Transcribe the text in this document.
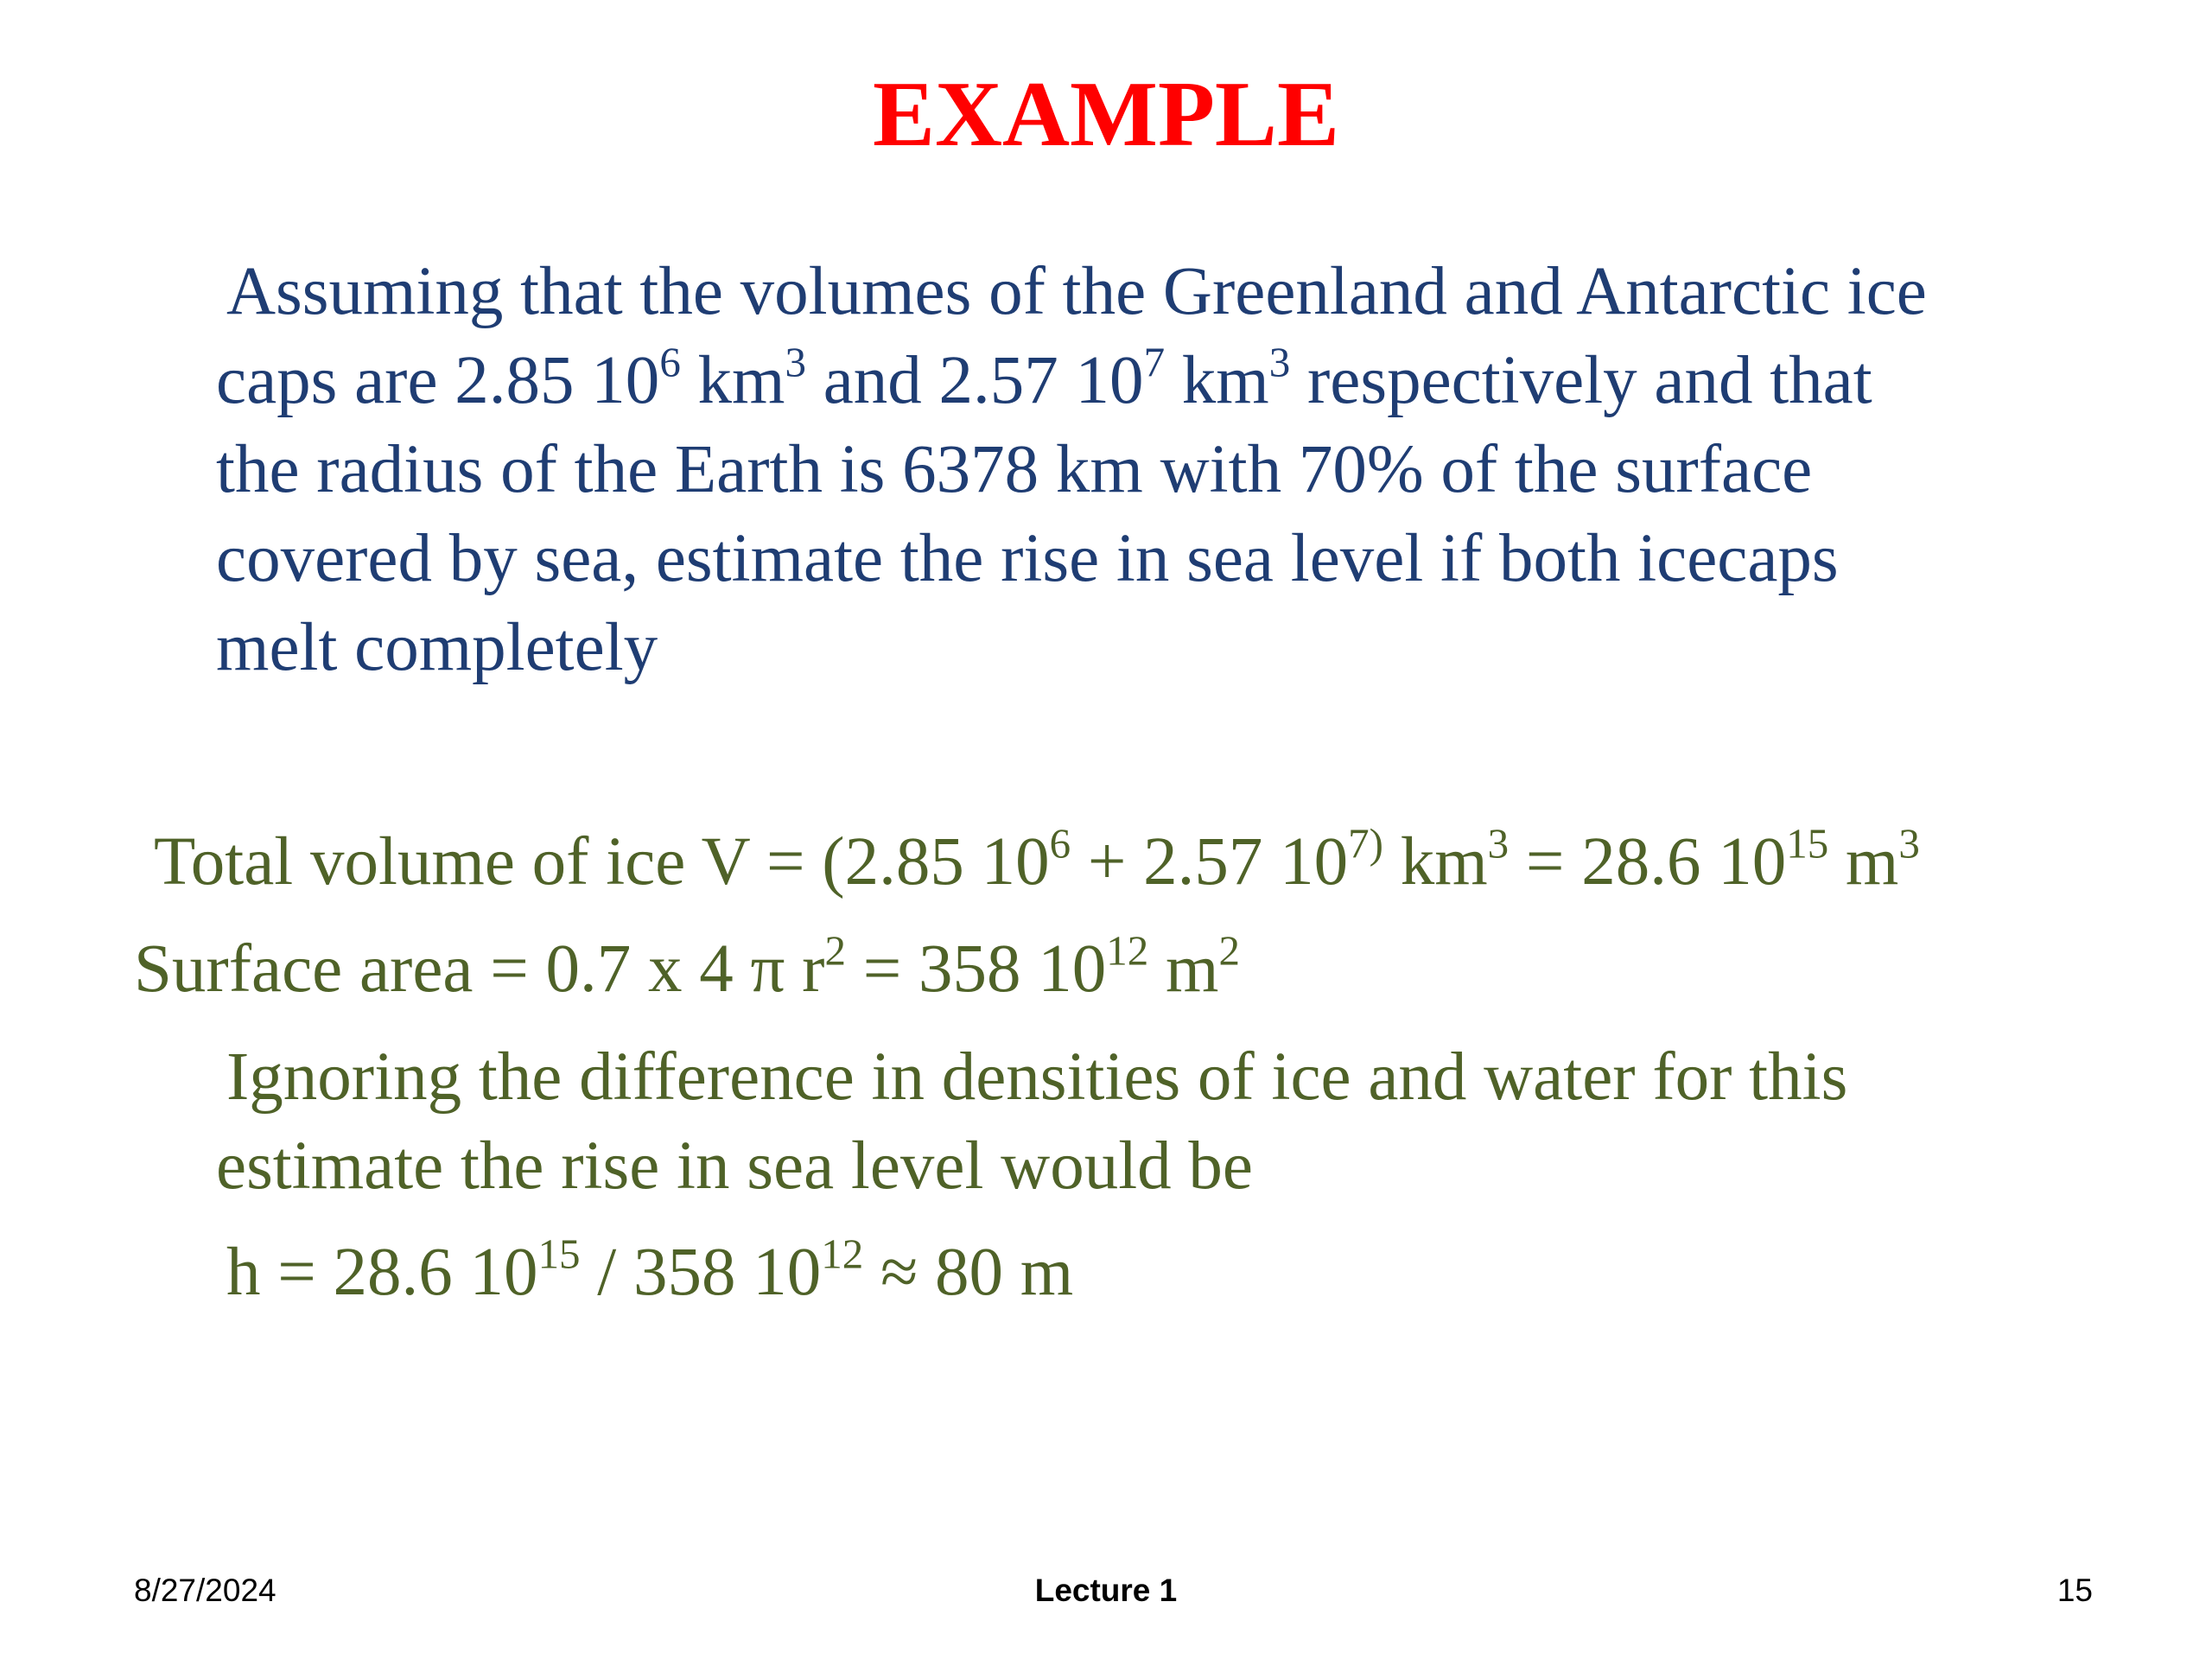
EXAMPLE
Assuming that the volumes of the Greenland and Antarctic ice
caps are 2.85 $10^6$ $km^3$ and 2.57 $10^7$ $km^3$ respectively and that
the radius of the Earth is 6378 km with 70% of the surface
covered by sea, estimate the rise in sea level if both icecaps
melt completely
Total volume of ice V = (2.85 $10^6 + 2.57$ 10$^{7)}$ $km^3 = 28.6$ $10^{15}$ $m^3$
Surface area = 0.7 x 4 π $r^2 = 358$ $10^{12}$ $m^2$
Ignoring the difference in densities of ice and water for this
estimate the rise in sea level would be
h = 28.6 $10^{15} / 358$ $10^{12} \approx 80$ m
8/27/2024	Lecture 1	15
